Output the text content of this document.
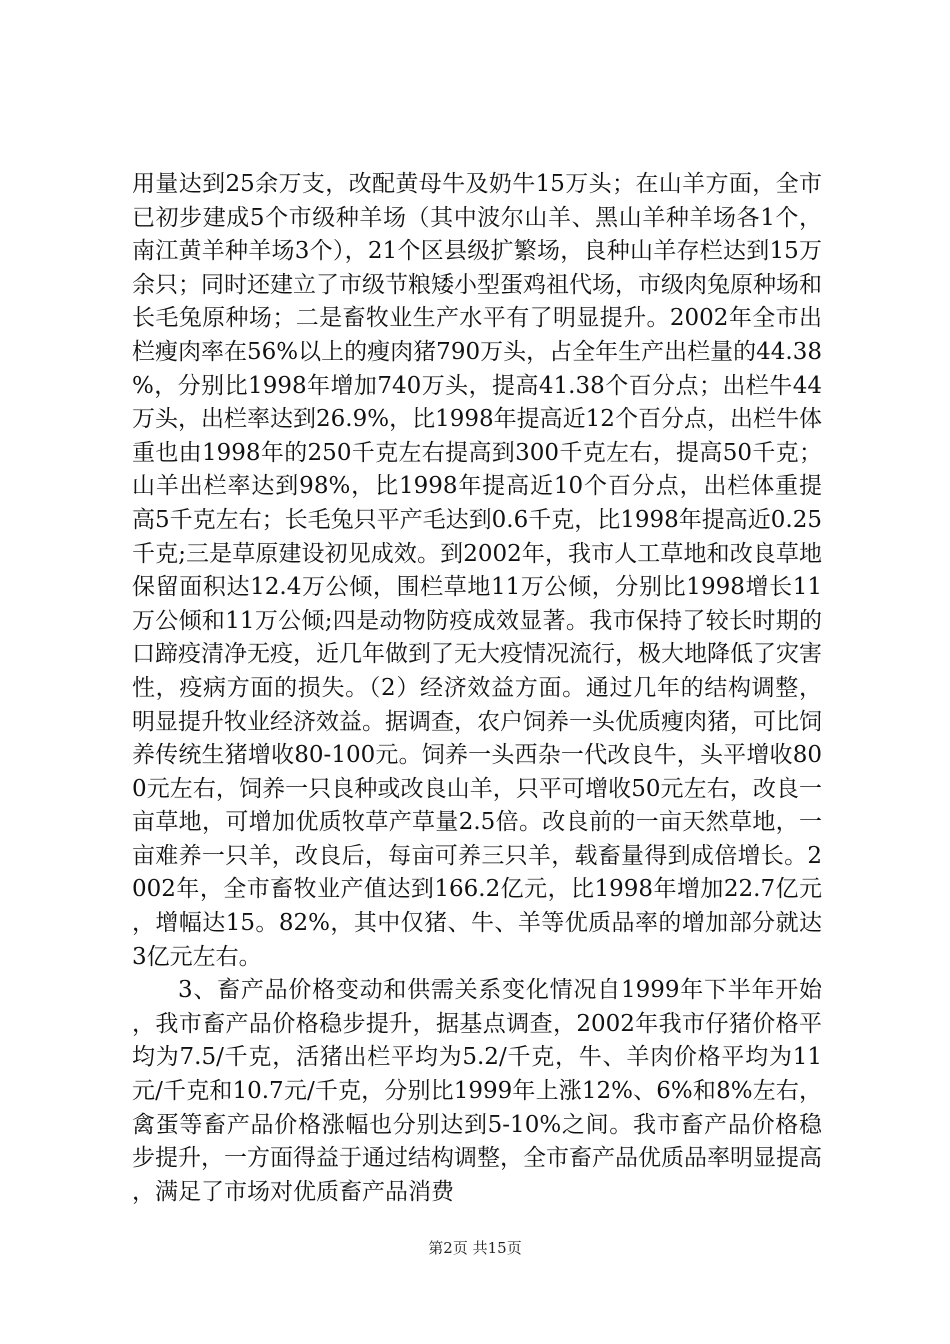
用量达到25余万支，改配黄母牛及奶牛15万头；在山羊方面，全市已初步建成5个市级种羊场（其中波尔山羊、黑山羊种羊场各1个，南江黄羊种羊场3个），21个区县级扩繁场，良种山羊存栏达到15万余只；同时还建立了市级节粮矮小型蛋鸡祖代场，市级肉兔原种场和长毛兔原种场；二是畜牧业生产水平有了明显提升。2002年全市出栏瘦肉率在56%以上的瘦肉猪790万头，占全年生产出栏量的44.38%，分别比1998年增加740万头，提高41.38个百分点；出栏牛44万头，出栏率达到26.9%，比1998年提高近12个百分点，出栏牛体重也由1998年的250千克左右提高到300千克左右，提高50千克；山羊出栏率达到98%，比1998年提高近10个百分点，出栏体重提高5千克左右；长毛兔只平产毛达到0.6千克，比1998年提高近0.25千克;三是草原建设初见成效。到2002年，我市人工草地和改良草地保留面积达12.4万公倾，围栏草地11万公倾，分别比1998增长11万公倾和11万公倾;四是动物防疫成效显著。我市保持了较长时期的口蹄疫清净无疫，近几年做到了无大疫情况流行，极大地降低了灾害性，疫病方面的损失。（2）经济效益方面。通过几年的结构调整，明显提升牧业经济效益。据调查，农户饲养一头优质瘦肉猪，可比饲养传统生猪增收80-100元。饲养一头西杂一代改良牛，头平增收800元左右，饲养一只良种或改良山羊，只平可增收50元左右，改良一亩草地，可增加优质牧草产草量2.5倍。改良前的一亩天然草地，一亩难养一只羊，改良后，每亩可养三只羊，载畜量得到成倍增长。2002年，全市畜牧业产值达到166.2亿元，比1998年增加22.7亿元，增幅达15。82%，其中仅猪、牛、羊等优质品率的增加部分就达3亿元左右。

3、畜产品价格变动和供需关系变化情况自1999年下半年开始，我市畜产品价格稳步提升，据基点调查，2002年我市仔猪价格平均为7.5/千克，活猪出栏平均为5.2/千克，牛、羊肉价格平均为11元/千克和10.7元/千克，分别比1999年上涨12%、6%和8%左右，禽蛋等畜产品价格涨幅也分别达到5-10%之间。我市畜产品价格稳步提升，一方面得益于通过结构调整，全市畜产品优质品率明显提高，满足了市场对优质畜产品消费

第2页 共15页
